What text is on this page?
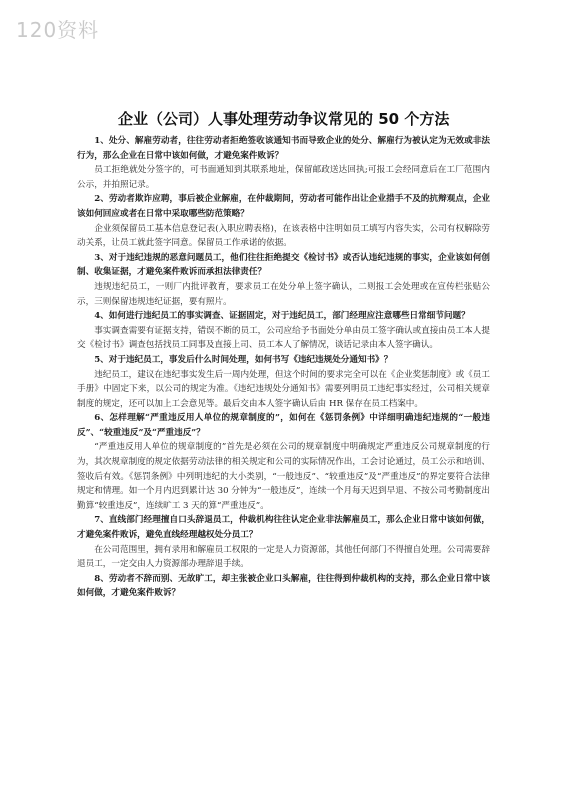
120资料
企业（公司）人事处理劳动争议常见的 50 个方法

1、处分、解雇劳动者，往往劳动者拒绝签收该通知书而导致企业的处分、解雇行为被认定为无效或非法行为，那么企业在日常中该如何做，才避免案件败诉？

员工拒绝就处分签字的，可书面通知到其联系地址，保留邮政送达回执;可报工会经同意后在工厂范围内公示，并拍照记录。

2、劳动者欺诈应聘，事后被企业解雇，在仲裁期间，劳动者可能作出让企业措手不及的抗辩观点，企业该如何回应或者在日常中采取哪些防范策略？

企业须保留员工基本信息登记表(入职应聘表格)，在该表格中注明如员工填写内容失实，公司有权解除劳动关系，让员工就此签字同意。保留员工作承诺的依据。

3、对于违纪违规的恶意问题员工，他们往往拒绝提交《检讨书》或否认违纪违规的事实，企业该如何创制、收集证据，才避免案件败诉而承担法律责任？

违规违纪员工，一则厂内批评教育，要求员工在处分单上签字确认，二则报工会处理或在宣传栏张贴公示，三则保留违规违纪证据，要有照片。

4、如何进行违纪员工的事实调查、证据固定，对于违纪员工，部门经理应注意哪些日常细节问题？

事实调查需要有证据支持，错误不断的员工，公司应给予书面处分单由员工签字确认或直接由员工本人提交《检讨书》调查包括找员工同事及直接上司、员工本人了解情况，谈话记录由本人签字确认。

5、对于违纪员工，事发后什么时间处理，如何书写《违纪违规处分通知书》？

违纪员工，建议在违纪事实发生后一周内处理，但这个时间的要求完全可以在《企业奖惩制度》或《员工手册》中固定下来，以公司的规定为准。《违纪违规处分通知书》需要列明员工违纪事实经过，公司相关规章制度的规定，还可以加上工会意见等。最后交由本人签字确认后由 HR 保存在员工档案中。

6、怎样理解“严重违反用人单位的规章制度的”，如何在《惩罚条例》中详细明确违纪违规的“一般违反”、“较重违反”及“严重违反”？

“严重违反用人单位的规章制度的”首先是必须在公司的规章制度中明确规定严重违反公司规章制度的行为，其次规章制度的规定依据劳动法律的相关规定和公司的实际情况作出，工会讨论通过，员工公示和培训、签收后有效。《惩罚条例》中列明违纪的大小类别，“一般违反”、“较重违反”及“严重违反”的界定要符合法律规定和情理。如一个月内迟到累计达 30 分钟为“一般违反”，连续一个月每天迟到早退、不按公司考勤制度出勤算“较重违反”，连续旷工 3 天的算“严重违反”。

7、直线部门经理擅自口头辞退员工，仲裁机构往往认定企业非法解雇员工，那么企业日常中该如何做，才避免案件败诉，避免直线经理越权处分员工？

在公司范围里，拥有录用和解雇员工权限的一定是人力资源部，其他任何部门不得擅自处理。公司需要辞退员工，一定交由人力资源部办理辞退手续。

8、劳动者不辞而别、无故旷工，却主张被企业口头解雇，往往得到仲裁机构的支持，那么企业日常中该如何做，才避免案件败诉？
